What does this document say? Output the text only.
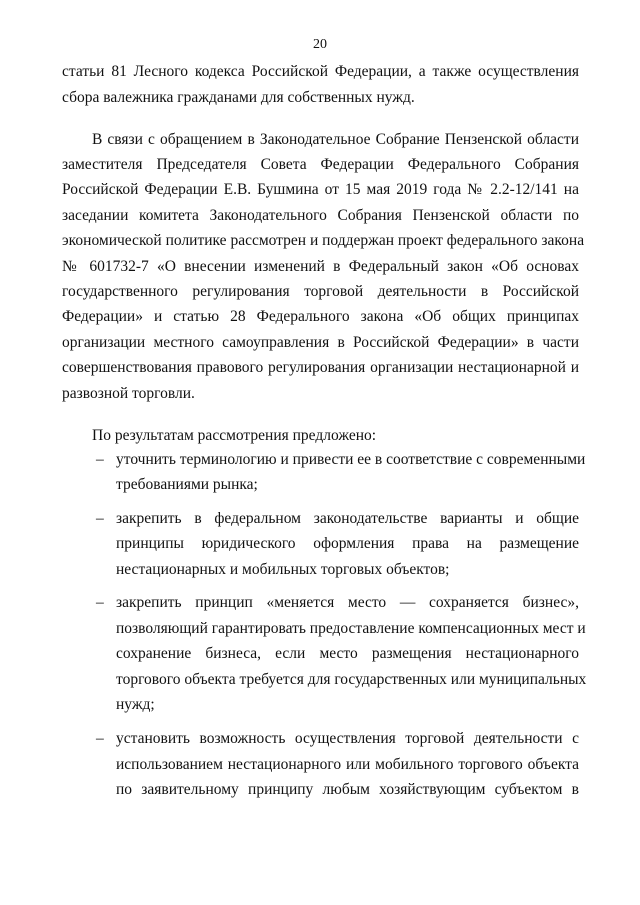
20
статьи 81 Лесного кодекса Российской Федерации, а также осуществления
сбора валежника гражданами для собственных нужд.
В связи с обращением в Законодательное Собрание Пензенской области
заместителя Председателя Совета Федерации Федерального Собрания
Российской Федерации Е.В. Бушмина от 15 мая 2019 года № 2.2-12/141 на
заседании комитета Законодательного Собрания Пензенской области по
экономической политике рассмотрен и поддержан проект федерального закона
№ 601732-7 «О внесении изменений в Федеральный закон «Об основах
государственного регулирования торговой деятельности в Российской
Федерации» и статью 28 Федерального закона «Об общих принципах
организации местного самоуправления в Российской Федерации» в части
совершенствования правового регулирования организации нестационарной и
развозной торговли.
По результатам рассмотрения предложено:
– уточнить терминологию и привести ее в соответствие с современными
требованиями рынка;
– закрепить в федеральном законодательстве варианты и общие
принципы юридического оформления права на размещение
нестационарных и мобильных торговых объектов;
– закрепить принцип «меняется место — сохраняется бизнес»,
позволяющий гарантировать предоставление компенсационных мест и
сохранение бизнеса, если место размещения нестационарного
торгового объекта требуется для государственных или муниципальных
нужд;
– установить возможность осуществления торговой деятельности с
использованием нестационарного или мобильного торгового объекта
по заявительному принципу любым хозяйствующим субъектом в
